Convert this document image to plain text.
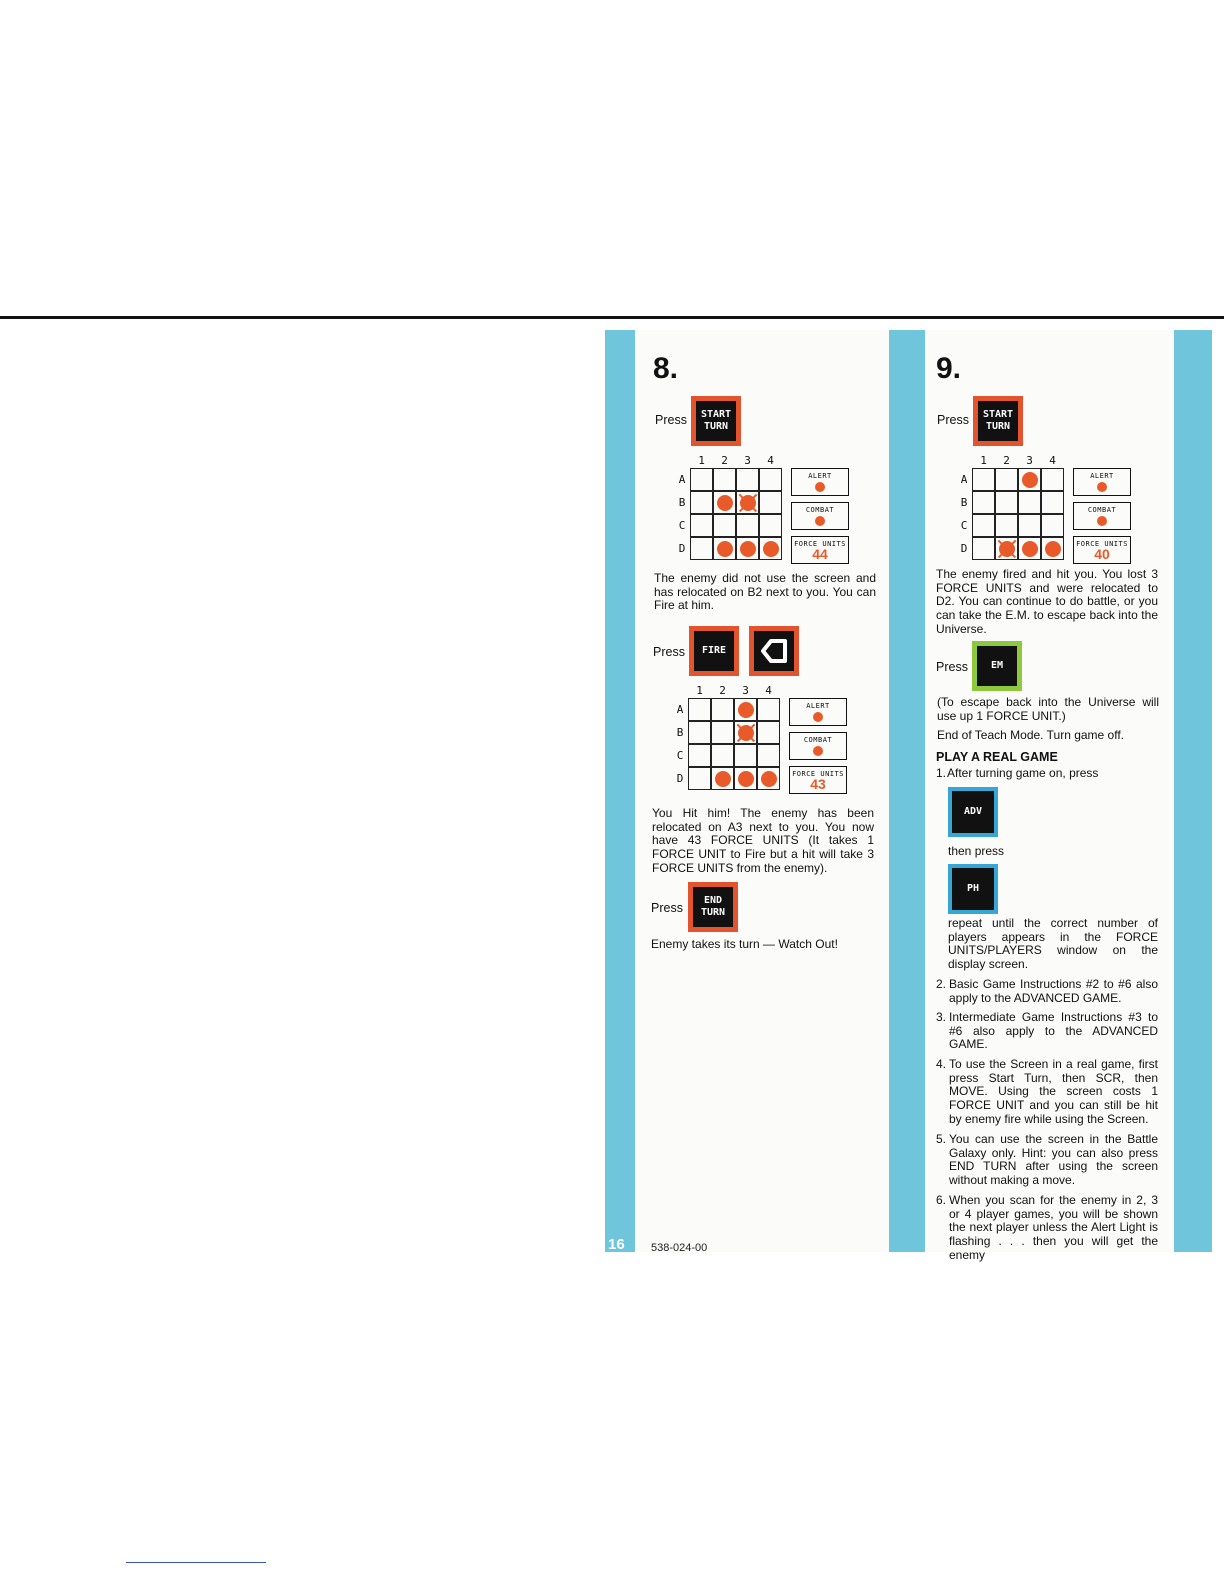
16 538-024-00
8.
Press	START
TURN
1	2	3	4
A
B
C
D
ALERT
COMBAT
FORCE UNITS
44
The enemy did not use the screen and has relocated on B2 next to you. You can Fire at him.
Press	FIRE
1	2	3	4
A
B
C
D
ALERT
COMBAT
FORCE UNITS
43
You Hit him! The enemy has been relocated on A3 next to you. You now have 43 FORCE UNITS (It takes 1 FORCE UNIT to Fire but a hit will take 3 FORCE UNITS from the enemy).
Press
END
TURN
Enemy takes its turn — Watch Out!
9.
Press	START
TURN
1	2	3	4
A
B
C
D
ALERT
COMBAT
FORCE UNITS
40
The enemy fired and hit you. You lost 3 FORCE UNITS and were relocated to D2. You can continue to do battle, or you can take the E.M. to escape back into the Universe.
Press	EM
(To escape back into the Universe will use up 1 FORCE UNIT.)
End of Teach Mode. Turn game off.
PLAY A REAL GAME
1. After turning game on, press
ADV
then press
PH
repeat until the correct number of players appears in the FORCE UNITS/PLAYERS window on the display screen.
2. Basic Game Instructions #2 to #6 also apply to the ADVANCED GAME.
3. Intermediate Game Instructions #3 to #6 also apply to the ADVANCED GAME.
4. To use the Screen in a real game, first press Start Turn, then SCR, then MOVE. Using the screen costs 1 FORCE UNIT and you can still be hit by enemy fire while using the Screen.
5. You can use the screen in the Battle Galaxy only. Hint: you can also press END TURN after using the screen without making a move.
6. When you scan for the enemy in 2, 3 or 4 player games, you will be shown the next player unless the Alert Light is flashing . . . then you will get the enemy
